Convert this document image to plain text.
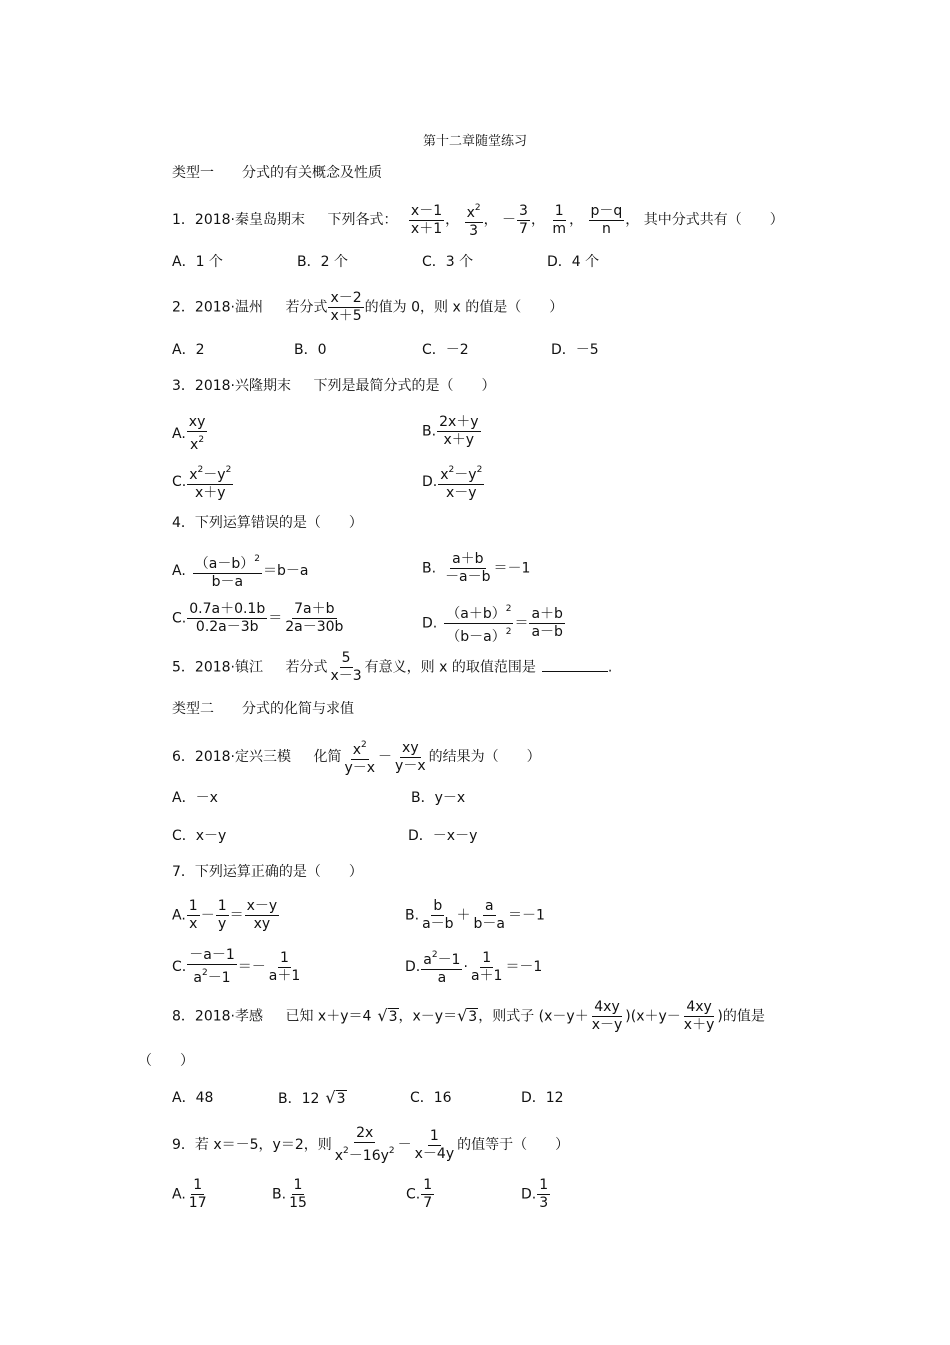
第十二章随堂练习
类型一　　分式的有关概念及性质
1．2018·秦皇岛期末 下列各式： $\frac{x-1}{x+1}$ ， $\frac{x^2}{3}$ ， － $\frac{3}{7}$ ， $\frac{1}{m}$ ， $\frac{p-q}{n}$ ， 其中分式共有（　　）
A．1 个	B．2 个	C．3 个	D．4 个
2．2018·温州 若分式 $\frac{x-2}{x+5}$ 的值为 0，则 x 的值是（　　）
A．2	B．0	C．－2	D．－5
3．2018·兴隆期末 下列是最简分式的是（　　）
A. $\frac{xy}{x^2}$	B. $\frac{2x+y}{x+y}$
C. $\frac{x^2-y^2}{x+y}$	D. $\frac{x^2-y^2}{x-y}$
4．下列运算错误的是（　　）
A. $\frac{(a-b)^2}{b-a} =b-a$	B. $\frac{a+b}{-a-b} =-1$
C. $\frac{0.7a+0.1b}{0.2a-3b} = \frac{7a+b}{2a-30b}$	D. $\frac{(a+b)^2}{(b-a)^2} = \frac{a+b}{a-b}$
5．2018·镇江 若分式 $\frac{5}{x-3}$ 有意义，则 x 的取值范围是	.
类型二　　分式的化简与求值
6．2018·定兴三模 化简 $\frac{x^2}{y-x} - \frac{xy}{y-x}$ 的结果为（　　）
A．－x	B．y－x
C．x－y	D．－x－y
7．下列运算正确的是（　　）
A. $\frac{1}{x} - \frac{1}{y} = \frac{x-y}{xy}$	B. $\frac{b}{a-b} + \frac{a}{b-a} =-1$
C. $\frac{-a-1}{a^2-1} =- \frac{1}{a+1}$	D. $\frac{a^2-1}{a} \cdot \frac{1}{a+1} =-1$
8．2018·孝感 已知 x＋y＝4 √ 3 ，x－y＝ √ 3 ，则式子 $(x-y+ \frac{4xy}{x-y} )(x+y- \frac{4xy}{x+y}$ )的值是
（　　）
A．48	B．12 √ 3	C．16	D．12
9．若 x＝－5，y＝2，则 $\frac{2x}{x^2-16y^2} - \frac{1}{x-4y}$ 的值等于（　　）
A. $\frac{1}{17}$	B. $\frac{1}{15}$	C. $\frac{1}{7}$	D. $\frac{1}{3}$
